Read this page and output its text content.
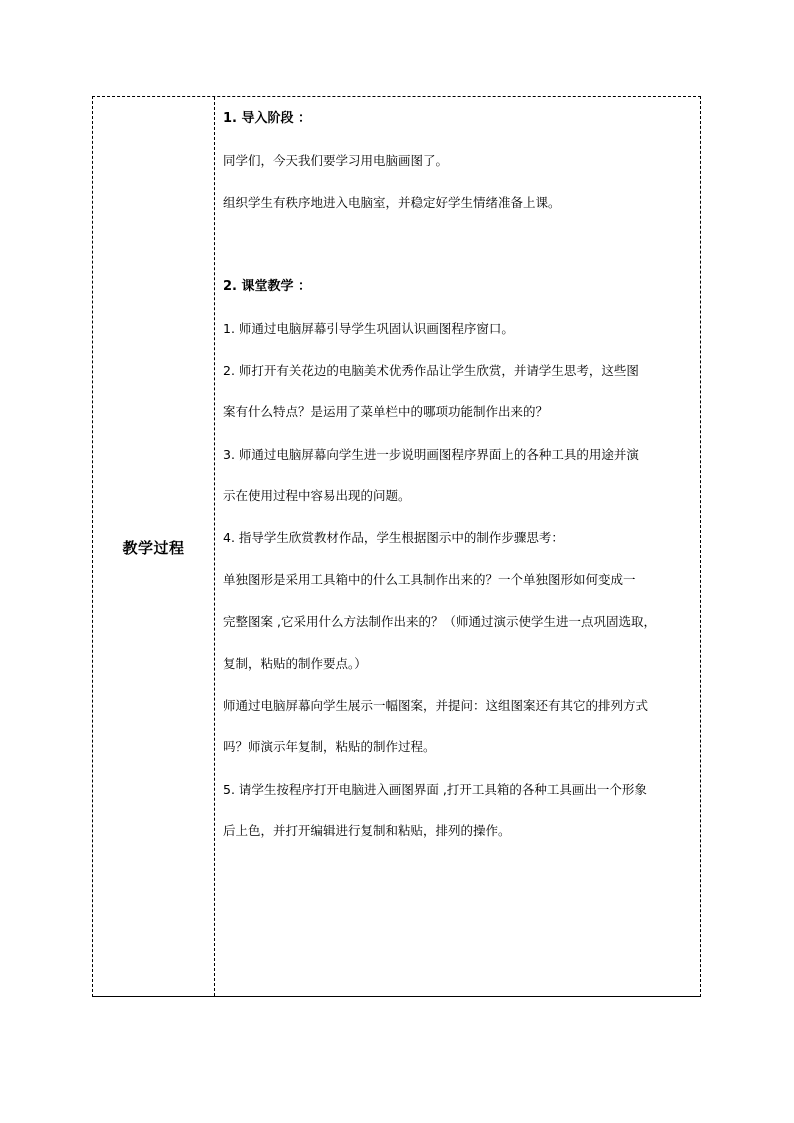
教学过程
1. 导入阶段 ：
同学们，今天我们要学习用电脑画图了。
组织学生有秩序地进入电脑室，并稳定好学生情绪准备上课。
2. 课堂教学 ：
1. 师通过电脑屏幕引导学生巩固认识画图程序窗口。
2. 师打开有关花边的电脑美术优秀作品让学生欣赏，并请学生思考，这些图
案有什么特点？是运用了菜单栏中的哪项功能制作出来的？
3. 师通过电脑屏幕向学生进一步说明画图程序界面上的各种工具的用途并演
示在使用过程中容易出现的问题。
4. 指导学生欣赏教材作品，学生根据图示中的制作步骤思考：
单独图形是采用工具箱中的什么工具制作出来的？一个单独图形如何变成一
完整图案 ,它采用什么方法制作出来的？（师通过演示使学生进一点巩固选取，
复制，粘贴的制作要点。）
师通过电脑屏幕向学生展示一幅图案，并提问：这组图案还有其它的排列方式
吗？师演示年复制，粘贴的制作过程。
5. 请学生按程序打开电脑进入画图界面 ,打开工具箱的各种工具画出一个形象
后上色，并打开编辑进行复制和粘贴，排列的操作。
